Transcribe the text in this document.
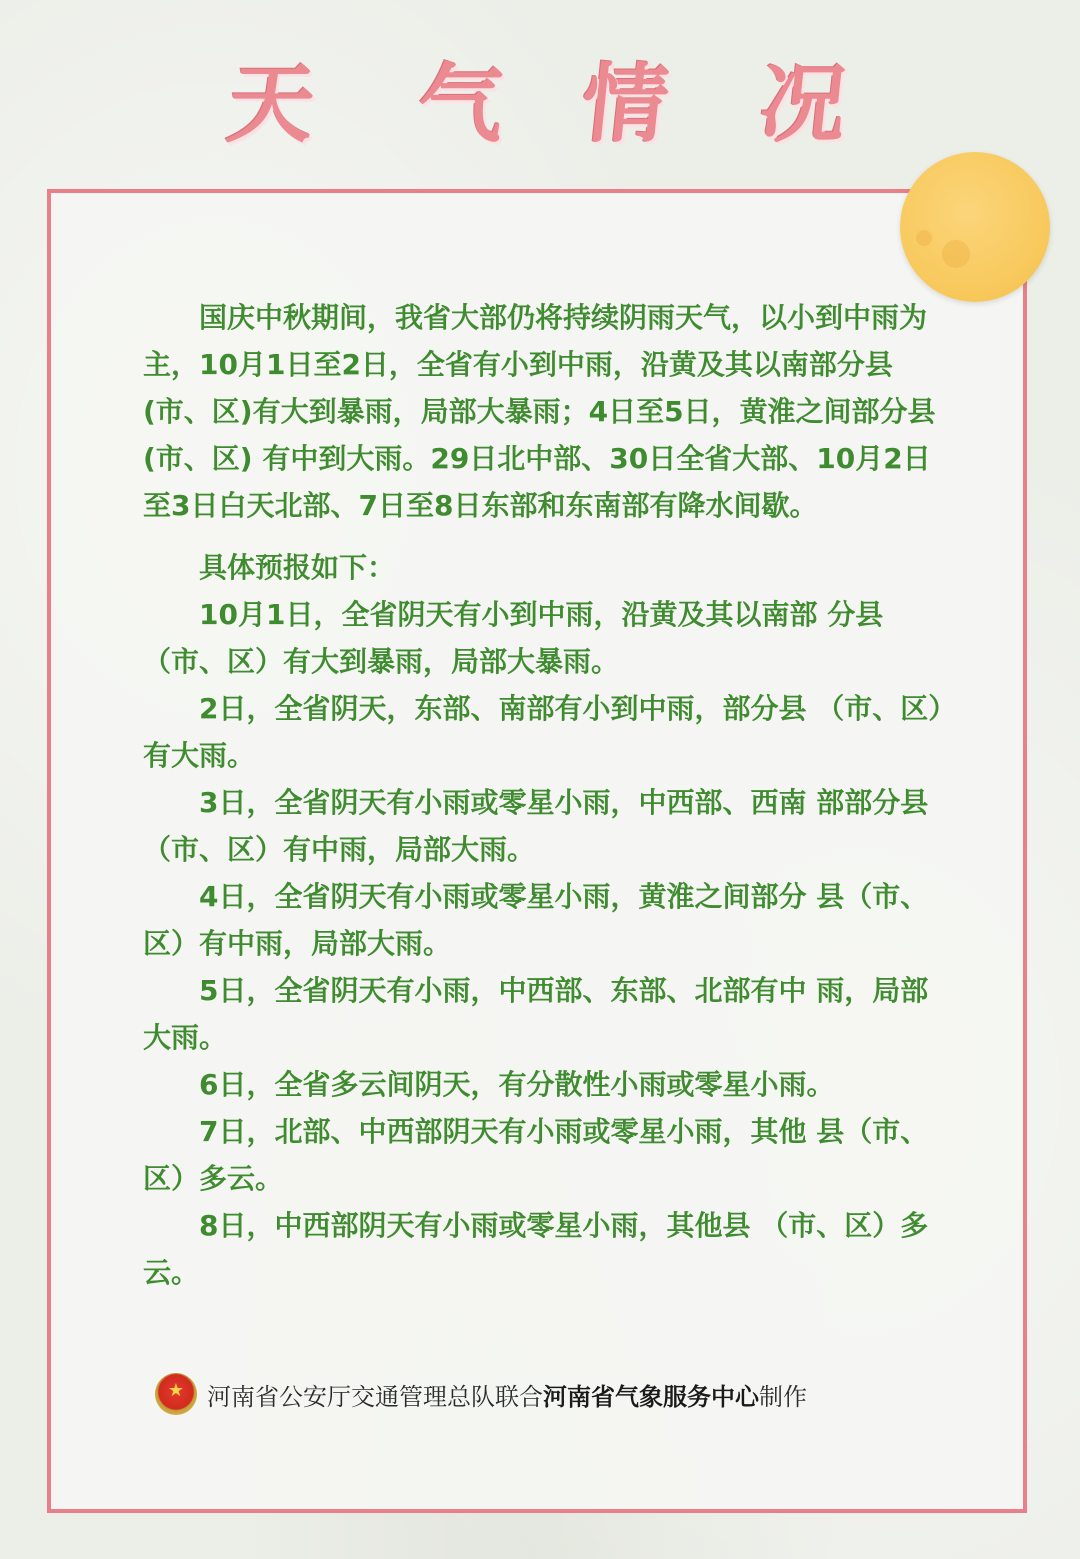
天 气 情 况

国庆中秋期间，我省大部仍将持续阴雨天气，以小到中雨为主，10月1日至2日，全省有小到中雨，沿黄及其以南部分县(市、区)有大到暴雨，局部大暴雨；4日至5日，黄淮之间部分县(市、区) 有中到大雨。29日北中部、30日全省大部、10月2日至3日白天北部、7日至8日东部和东南部有降水间歇。

具体预报如下：

10月1日，全省阴天有小到中雨，沿黄及其以南部 分县（市、区）有大到暴雨，局部大暴雨。

2日，全省阴天，东部、南部有小到中雨，部分县 （市、区）有大雨。

3日，全省阴天有小雨或零星小雨，中西部、西南 部部分县（市、区）有中雨，局部大雨。

4日，全省阴天有小雨或零星小雨，黄淮之间部分 县（市、区）有中雨，局部大雨。

5日，全省阴天有小雨，中西部、东部、北部有中 雨，局部大雨。

6日，全省多云间阴天，有分散性小雨或零星小雨。

7日，北部、中西部阴天有小雨或零星小雨，其他 县（市、区）多云。

8日，中西部阴天有小雨或零星小雨，其他县 （市、区）多云。

★ 河南省公安厅交通管理总队联合 河南省气象服务中心 制作
